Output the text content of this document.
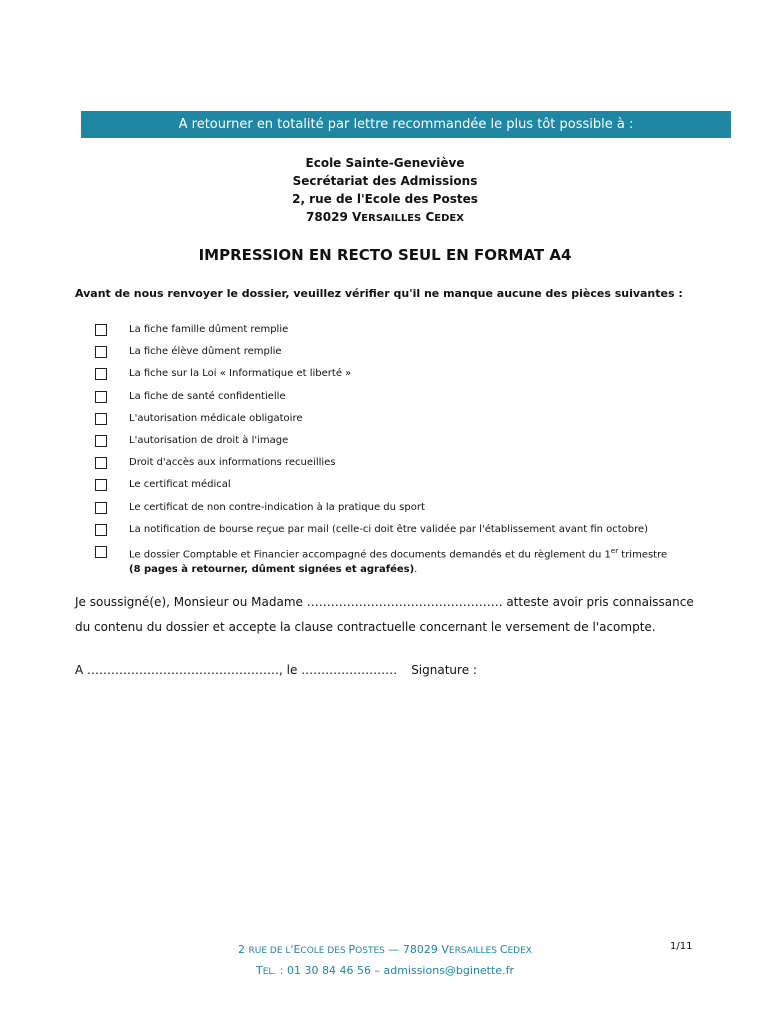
A retourner en totalité par lettre recommandée le plus tôt possible à :
Ecole Sainte-Geneviève
Secrétariat des Admissions
2, rue de l'Ecole des Postes
78029 VERSAILLES CEDEX
IMPRESSION EN RECTO SEUL EN FORMAT A4
Avant de nous renvoyer le dossier, veuillez vérifier qu'il ne manque aucune des pièces suivantes :
La fiche famille dûment remplie
La fiche élève dûment remplie
La fiche sur la Loi « Informatique et liberté »
La fiche de santé confidentielle
L'autorisation médicale obligatoire
L'autorisation de droit à l'image
Droit d'accès aux informations recueillies
Le certificat médical
Le certificat de non contre-indication à la pratique du sport
La notification de bourse reçue par mail (celle-ci doit être validée par l'établissement avant fin octobre)
Le dossier Comptable et Financier accompagné des documents demandés et du règlement du 1er trimestre
(8 pages à retourner, dûment signées et agrafées).
Je soussigné(e), Monsieur ou Madame …………………………………………. atteste avoir pris connaissance du contenu du dossier et accepte la clause contractuelle concernant le versement de l'acompte.
A …………………………………………, le …………………… Signature :
2 RUE DE L'ECOLE DES POSTES — 78029 VERSAILLES CEDEX
TEL. : 01 30 84 46 56 – admissions@bginette.fr
1/11
